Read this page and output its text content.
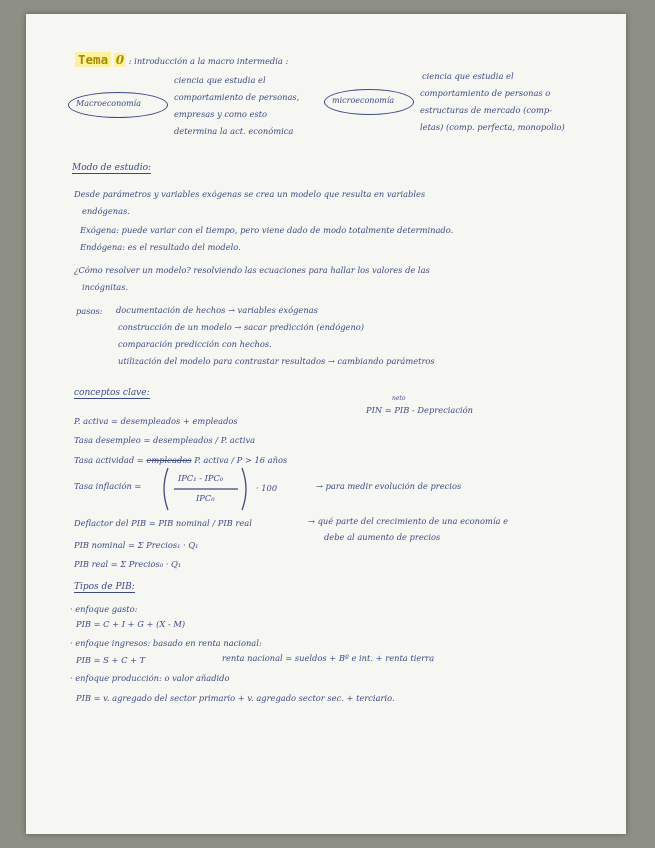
Tema 0 : introducción a la macro intermedia :
Macroeconomía
ciencia que estudia el
comportamiento de personas,
empresas y como esto
determina la act. económica
microeconomía
ciencia que estudia el
comportamiento de personas o
estructuras de mercado (comp-
letas) (comp. perfecta, monopolio)
Modo de estudio:
Desde parámetros y variables exógenas se crea un modelo que resulta en variables
endógenas.
Exógena: puede variar con el tiempo, pero viene dado de modo totalmente determinado.
Endógena: es el resultado del modelo.
¿Cómo resolver un modelo? resolviendo las ecuaciones para hallar los valores de las
incógnitas.
pasos: documentación de hechos → variables exógenas
construcción de un modelo → sacar predicción (endógeno)
comparación predicción con hechos.
utilización del modelo para contrastar resultados → cambiando parámetros
conceptos clave:
neto
PIN = PIB - Depreciación
P. activa = desempleados + empleados
Tasa desempleo = desempleados / P. activa
Tasa actividad = empleados P. activa / P > 16 años
Tasa inflación =
IPC₁ - IPC₀
IPC₀
· 100	→ para medir evolución de precios
Deflactor del PIB = PIB nominal / PIB real	→ qué parte del crecimiento de una economía e
debe al aumento de precios
PIB nominal = Σ Precios₁ · Q₁
PIB real = Σ Precios₀ · Q₁
Tipos de PIB:
· enfoque gasto:
PIB = C + I + G + (X - M)
· enfoque ingresos: basado en renta nacional:
PIB = S + C + T	renta nacional = sueldos + Bº e int. + renta tierra
· enfoque producción: o valor añadido
PIB = v. agregado del sector primario + v. agregado sector sec. + terciario.
